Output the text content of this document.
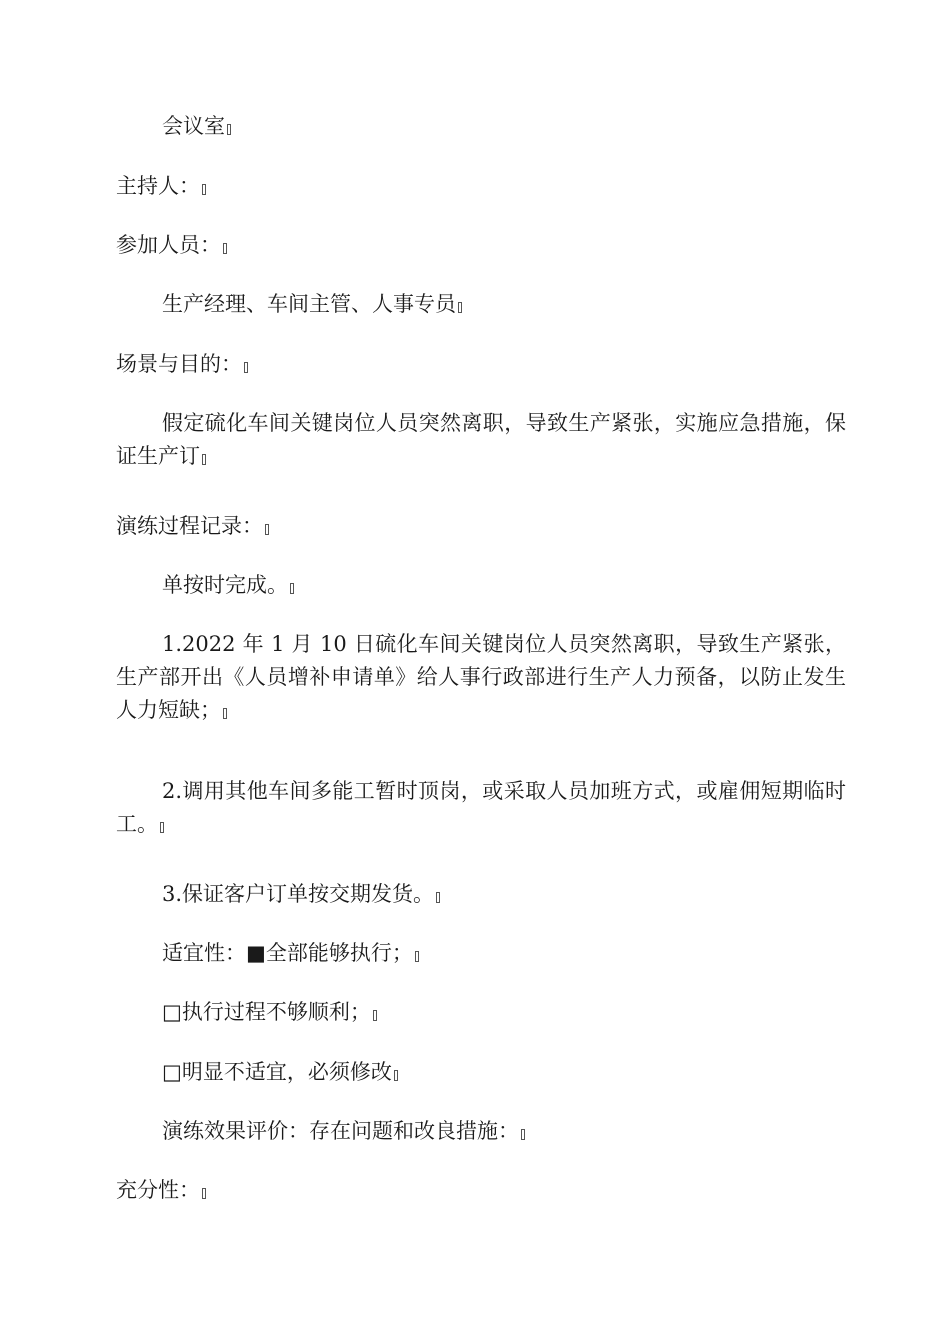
会议室
主持人：
参加人员：
生产经理、车间主管、人事专员
场景与目的：
假定硫化车间关键岗位人员突然离职，导致生产紧张，实施应急措施，保证生产订
演练过程记录：
单按时完成。
1.2022 年 1 月 10 日硫化车间关键岗位人员突然离职，导致生产紧张，生产部开出《人员增补申请单》给人事行政部进行生产人力预备，以防止发生人力短缺；
2.调用其他车间多能工暂时顶岗，或采取人员加班方式，或雇佣短期临时工。
3.保证客户订单按交期发货。
适宜性：■全部能够执行；
□执行过程不够顺利；
□明显不适宜，必须修改
演练效果评价：存在问题和改良措施：
充分性：
